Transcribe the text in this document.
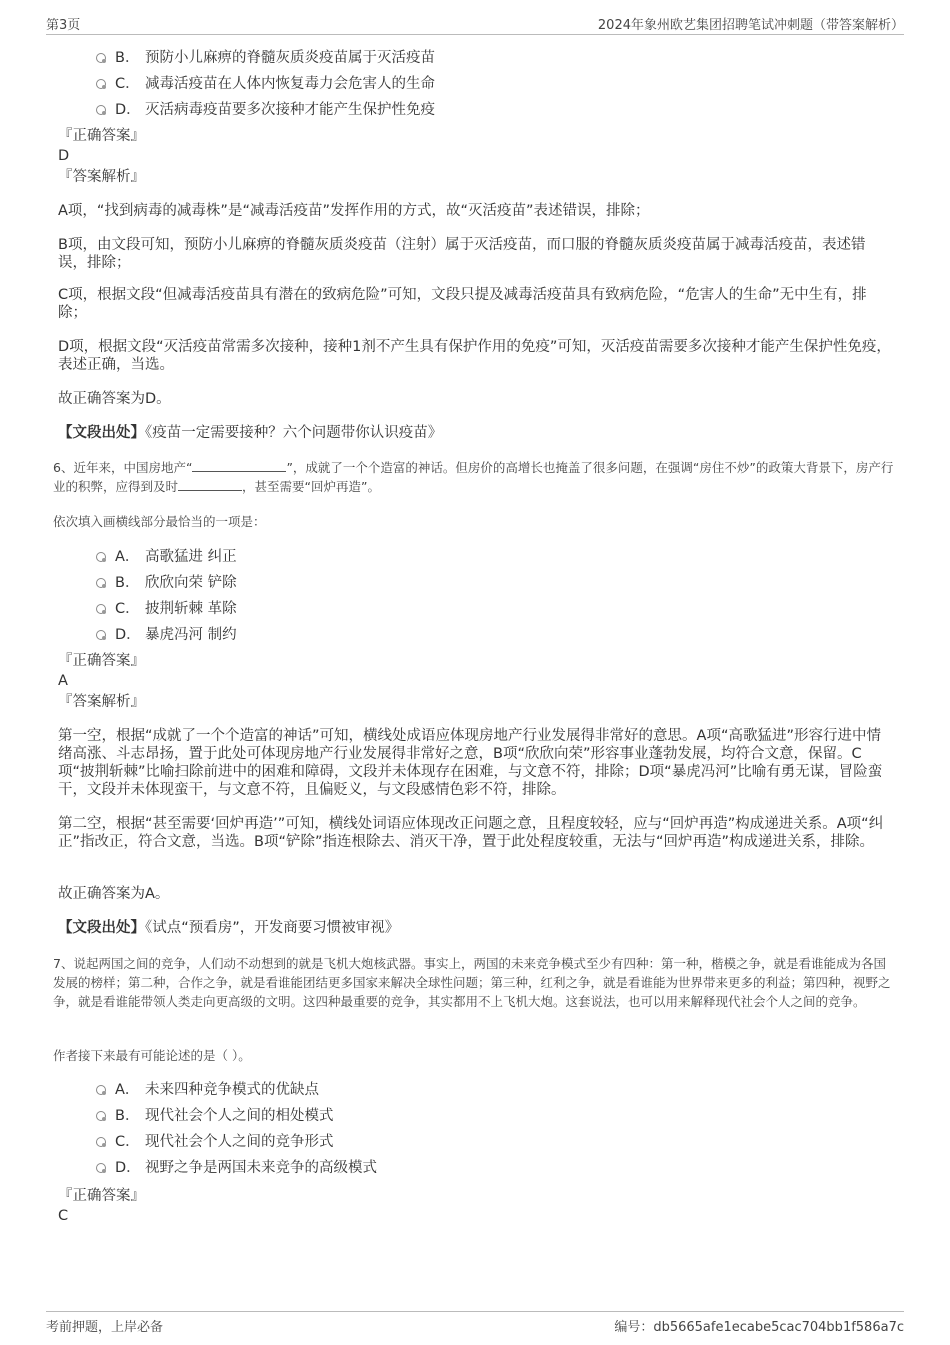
第3页	2024年象州欧艺集团招聘笔试冲刺题（带答案解析）
B． 预防小儿麻痹的脊髓灰质炎疫苗属于灭活疫苗
C． 减毒活疫苗在人体内恢复毒力会危害人的生命
D． 灭活病毒疫苗要多次接种才能产生保护性免疫
『正确答案』
D
『答案解析』
A项，“找到病毒的减毒株”是“减毒活疫苗”发挥作用的方式，故“灭活疫苗”表述错误，排除；
B项，由文段可知，预防小儿麻痹的脊髓灰质炎疫苗（注射）属于灭活疫苗，而口服的脊髓灰质炎疫苗属于减毒活疫苗，表述错误，排除；
C项，根据文段“但减毒活疫苗具有潜在的致病危险”可知，文段只提及减毒活疫苗具有致病危险，“危害人的生命”无中生有，排除；
D项，根据文段“灭活疫苗常需多次接种，接种1剂不产生具有保护作用的免疫”可知，灭活疫苗需要多次接种才能产生保护性免疫，表述正确，当选。
故正确答案为D。
【文段出处】《疫苗一定需要接种？六个问题带你认识疫苗》
6、近年来，中国房地产“	”，成就了一个个造富的神话。但房价的高增长也掩盖了很多问题，在强调“房住不炒”的政策大背景下，房产行业的积弊，应得到及时	，甚至需要“回炉再造”。
依次填入画横线部分最恰当的一项是：
A． 高歌猛进 纠正
B． 欣欣向荣 铲除
C． 披荆斩棘 革除
D． 暴虎冯河 制约
『正确答案』
A
『答案解析』
第一空，根据“成就了一个个造富的神话”可知，横线处成语应体现房地产行业发展得非常好的意思。A项“高歌猛进”形容行进中情绪高涨、斗志昂扬，置于此处可体现房地产行业发展得非常好之意，B项“欣欣向荣”形容事业蓬勃发展，均符合文意，保留。C项“披荆斩棘”比喻扫除前进中的困难和障碍，文段并未体现存在困难，与文意不符，排除；D项“暴虎冯河”比喻有勇无谋，冒险蛮干，文段并未体现蛮干，与文意不符，且偏贬义，与文段感情色彩不符，排除。
第二空，根据“甚至需要‘回炉再造’”可知，横线处词语应体现改正问题之意，且程度较轻，应与“回炉再造”构成递进关系。A项“纠正”指改正，符合文意，当选。B项“铲除”指连根除去、消灭干净，置于此处程度较重，无法与“回炉再造”构成递进关系，排除。
故正确答案为A。
【文段出处】《试点“预看房”，开发商要习惯被审视》
7、说起两国之间的竞争，人们动不动想到的就是飞机大炮核武器。事实上，两国的未来竞争模式至少有四种：第一种，楷模之争，就是看谁能成为各国发展的榜样；第二种，合作之争，就是看谁能团结更多国家来解决全球性问题；第三种，红利之争，就是看谁能为世界带来更多的利益；第四种，视野之争，就是看谁能带领人类走向更高级的文明。这四种最重要的竞争，其实都用不上飞机大炮。这套说法，也可以用来解释现代社会个人之间的竞争。
作者接下来最有可能论述的是（ ）。
A． 未来四种竞争模式的优缺点
B． 现代社会个人之间的相处模式
C． 现代社会个人之间的竞争形式
D． 视野之争是两国未来竞争的高级模式
『正确答案』
C
考前押题，上岸必备	编号：db5665afe1ecabe5cac704bb1f586a7c
